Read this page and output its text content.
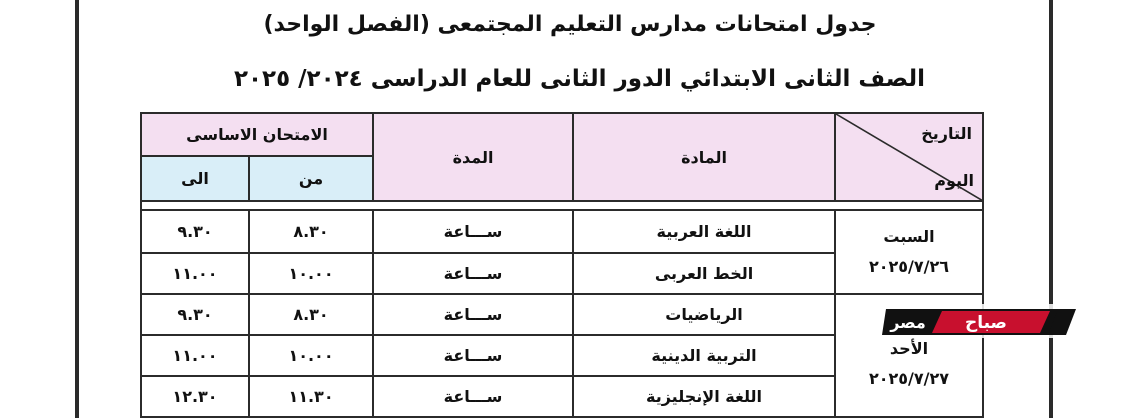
جدول امتحانات مدارس التعليم المجتمعى (الفصل الواحد)
الصف الثانى الابتدائي الدور الثانى للعام الدراسى ٢٠٢٤/ ٢٠٢٥
الامتحان الاساسى		المدة	المادة	التاريخ
اليوم

الى	من			

٩.٣٠	٨.٣٠	ســـاعة	اللغة العربية	السبت
٢٠٢٥/٧/٢٦

١١.٠٠	١٠.٠٠	ســـاعة	الخط العربى	
٩.٣٠	٨.٣٠	ســـاعة	الرياضيات	الأحد
٢٠٢٥/٧/٢٧

١١.٠٠	١٠.٠٠	ســـاعة	التربية الدينية	
١٢.٣٠	١١.٣٠	ســـاعة	اللغة الإنجليزية	
صباح
مصر
